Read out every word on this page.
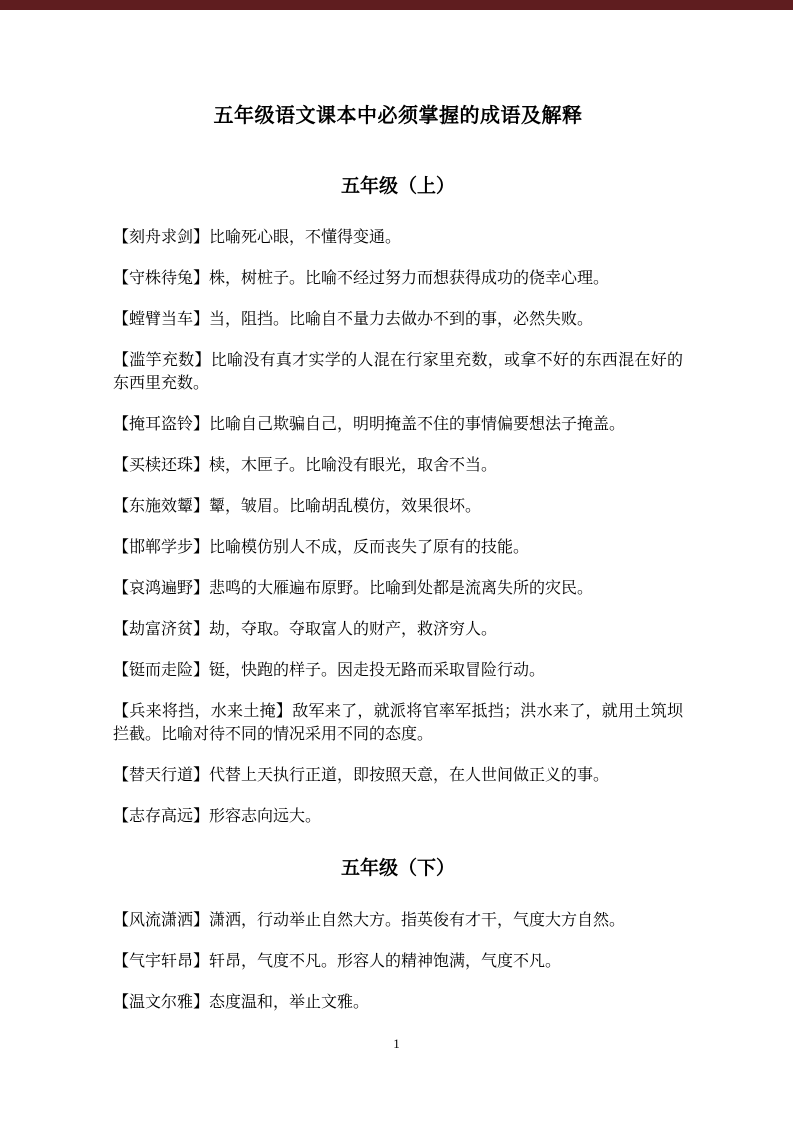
五年级语文课本中必须掌握的成语及解释
五年级（上）

【刻舟求剑】比喻死心眼，不懂得变通。

【守株待兔】株，树桩子。比喻不经过努力而想获得成功的侥幸心理。

【螳臂当车】当，阻挡。比喻自不量力去做办不到的事，必然失败。

【滥竽充数】比喻没有真才实学的人混在行家里充数，或拿不好的东西混在好的东西里充数。

【掩耳盗铃】比喻自己欺骗自己，明明掩盖不住的事情偏要想法子掩盖。

【买椟还珠】椟，木匣子。比喻没有眼光，取舍不当。

【东施效颦】颦，皱眉。比喻胡乱模仿，效果很坏。

【邯郸学步】比喻模仿别人不成，反而丧失了原有的技能。

【哀鸿遍野】悲鸣的大雁遍布原野。比喻到处都是流离失所的灾民。

【劫富济贫】劫，夺取。夺取富人的财产，救济穷人。

【铤而走险】铤，快跑的样子。因走投无路而采取冒险行动。

【兵来将挡，水来土掩】敌军来了，就派将官率军抵挡；洪水来了，就用土筑坝拦截。比喻对待不同的情况采用不同的态度。

【替天行道】代替上天执行正道，即按照天意，在人世间做正义的事。

【志存高远】形容志向远大。

五年级（下）

【风流潇洒】潇洒，行动举止自然大方。指英俊有才干，气度大方自然。

【气宇轩昂】轩昂，气度不凡。形容人的精神饱满，气度不凡。

【温文尔雅】态度温和，举止文雅。

1
